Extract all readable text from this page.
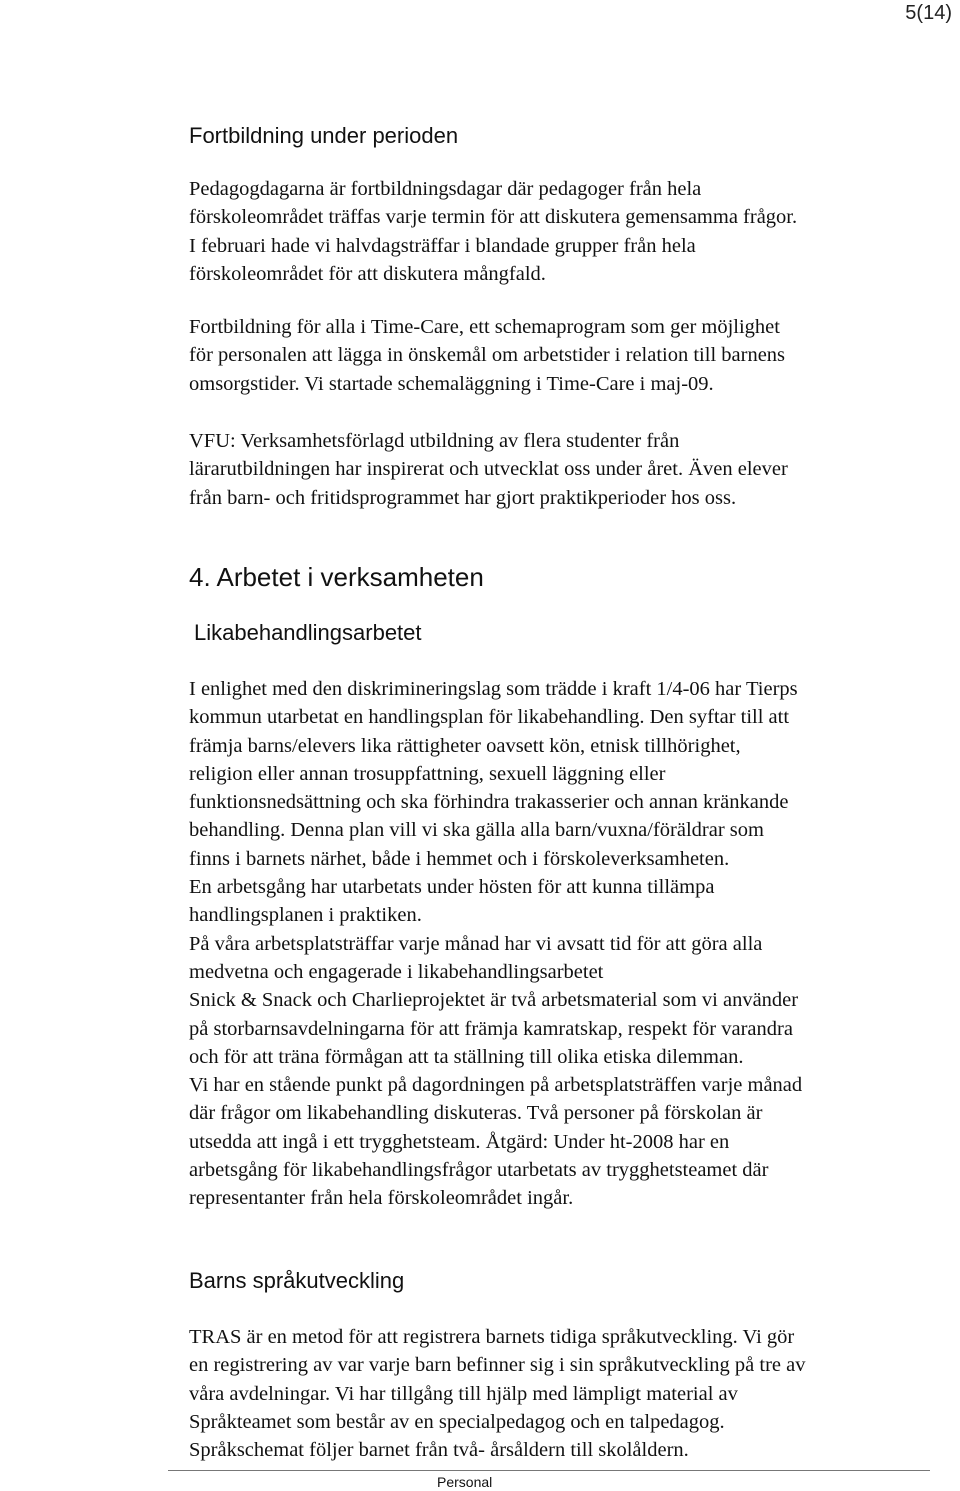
5(14)
Fortbildning under perioden
Pedagogdagarna är fortbildningsdagar där pedagoger från hela
förskoleområdet träffas varje termin för att diskutera gemensamma frågor.
I februari hade vi halvdagsträffar i blandade grupper från hela
förskoleområdet för att diskutera mångfald.
Fortbildning för alla i Time-Care, ett schemaprogram som ger möjlighet
för personalen att lägga in önskemål om arbetstider i relation till barnens
omsorgstider. Vi startade schemaläggning i Time-Care i maj-09.
VFU: Verksamhetsförlagd utbildning av flera studenter från
lärarutbildningen har inspirerat och utvecklat oss under året. Även elever
från barn- och fritidsprogrammet har gjort praktikperioder hos oss.
4. Arbetet i verksamheten
Likabehandlingsarbetet
I enlighet med den diskrimineringslag som trädde i kraft 1/4-06 har Tierps
kommun utarbetat en handlingsplan för likabehandling. Den syftar till att
främja barns/elevers lika rättigheter oavsett kön, etnisk tillhörighet,
religion eller annan trosuppfattning, sexuell läggning eller
funktionsnedsättning och ska förhindra trakasserier och annan kränkande
behandling. Denna plan vill vi ska gälla alla barn/vuxna/föräldrar som
finns i barnets närhet, både i hemmet och i förskoleverksamheten.
En arbetsgång har utarbetats under hösten för att kunna tillämpa
handlingsplanen i praktiken.
På våra arbetsplatsträffar varje månad har vi avsatt tid för att göra alla
medvetna och engagerade i likabehandlingsarbetet
Snick & Snack och Charlieprojektet är två arbetsmaterial som vi använder
på storbarnsavdelningarna för att främja kamratskap, respekt för varandra
och för att träna förmågan att ta ställning till olika etiska dilemman.
Vi har en stående punkt på dagordningen på arbetsplatsträffen varje månad
där frågor om likabehandling diskuteras. Två personer på förskolan är
utsedda att ingå i ett trygghetsteam. Åtgärd: Under ht-2008 har en
arbetsgång för likabehandlingsfrågor utarbetats av trygghetsteamet där
representanter från hela förskoleområdet ingår.
Barns språkutveckling
TRAS är en metod för att registrera barnets tidiga språkutveckling. Vi gör
en registrering av var varje barn befinner sig i sin språkutveckling på tre av
våra avdelningar. Vi har tillgång till hjälp med lämpligt material av
Språkteamet som består av en specialpedagog och en talpedagog.
Språkschemat följer barnet från två- årsåldern till skolåldern.
Personal
